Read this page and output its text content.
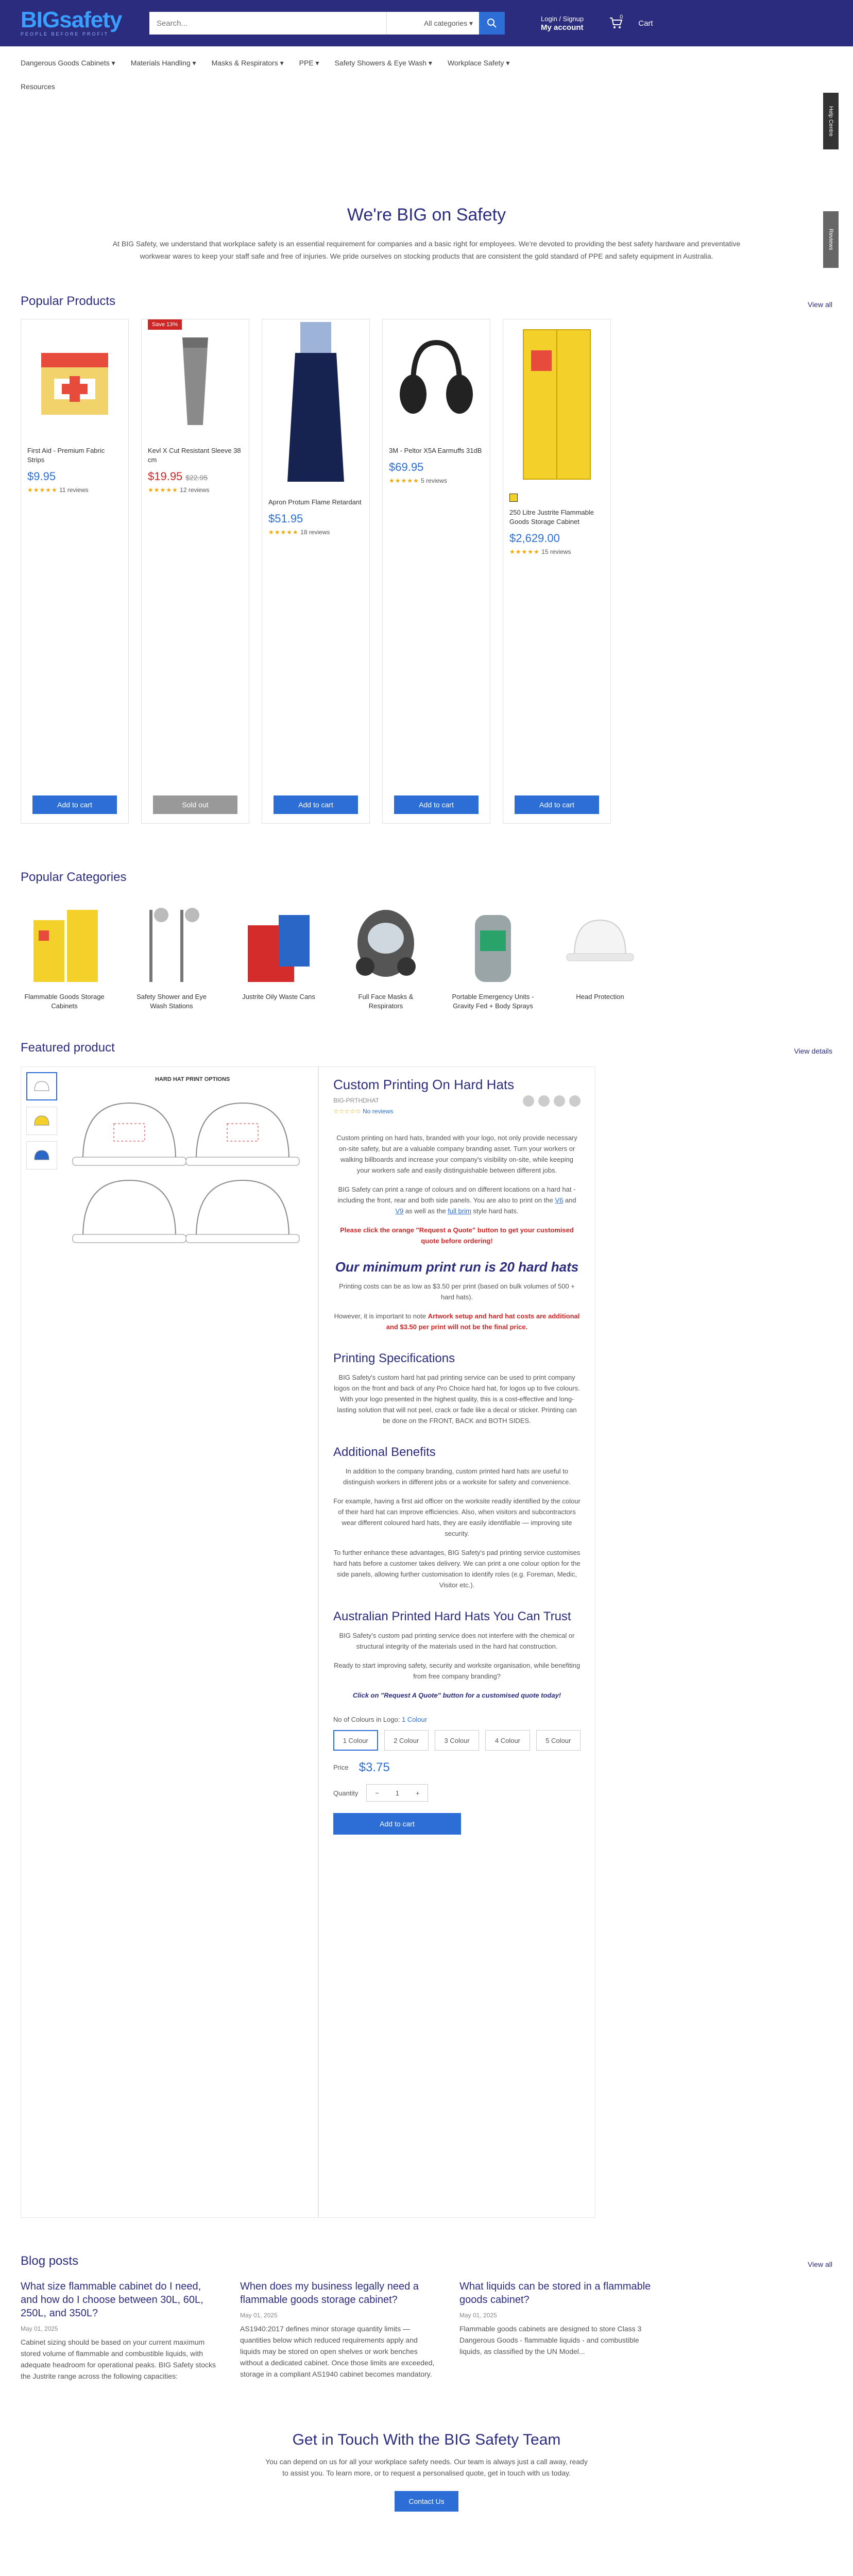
BIGsafety
PEOPLE BEFORE PROFIT
Search...
All categories ▾	Login / Signup
My account
0
Cart
Dangerous Goods Cabinets ▾ Materials Handling ▾ Masks & Respirators ▾ PPE ▾ Safety Showers & Eye Wash ▾ Workplace Safety ▾
Resources
Help Centre
Reviews
We're BIG on Safety

At BIG Safety, we understand that workplace safety is an essential requirement for companies and a basic right for employees. We're devoted to providing the best safety hardware and preventative workwear wares to keep your staff safe and free of injuries. We pride ourselves on stocking products that are consistent the gold standard of PPE and safety equipment in Australia.

Popular Products	View all
First Aid - Premium Fabric Strips
$9.95
★★★★★ 11 reviews
Add to cart
Save 13%
Kevl X Cut Resistant Sleeve 38 cm
$19.95 $22.95
★★★★★ 12 reviews
Sold out
Apron Protum Flame Retardant
$51.95
★★★★★ 18 reviews
Add to cart
3M - Peltor X5A Earmuffs 31dB
$69.95
★★★★★ 5 reviews
Add to cart
250 Litre Justrite Flammable Goods Storage Cabinet
$2,629.00
★★★★★ 15 reviews
Add to cart
Popular Categories
Flammable Goods Storage Cabinets
Safety Shower and Eye Wash Stations
Justrite Oily Waste Cans	Full Face Masks & Respirators
Portable Emergency Units - Gravity Fed + Body Sprays
Head Protection
Featured product	View details
HARD HAT PRINT OPTIONS	Custom Printing On Hard Hats
BIG-PRTHDHAT
☆☆☆☆☆ No reviews

Custom printing on hard hats, branded with your logo, not only provide necessary on-site safety, but are a valuable company branding asset. Turn your workers or walking billboards and increase your company's visibility on-site, while keeping your workers safe and easily distinguishable between different jobs.

BIG Safety can print a range of colours and on different locations on a hard hat - including the front, rear and both side panels. You are also to print on the V6 and V9 as well as the full brim style hard hats.

Please click the orange "Request a Quote" button to get your customised quote before ordering!

Our minimum print run is 20 hard hats

Printing costs can be as low as $3.50 per print (based on bulk volumes of 500 + hard hats).

However, it is important to note Artwork setup and hard hat costs are additional and $3.50 per print will not be the final price.

Printing Specifications

BIG Safety's custom hard hat pad printing service can be used to print company logos on the front and back of any Pro Choice hard hat, for logos up to five colours. With your logo presented in the highest quality, this is a cost-effective and long-lasting solution that will not peel, crack or fade like a decal or sticker. Printing can be done on the FRONT, BACK and BOTH SIDES.

Additional Benefits

In addition to the company branding, custom printed hard hats are useful to distinguish workers in different jobs or a worksite for safety and convenience.

For example, having a first aid officer on the worksite readily identified by the colour of their hard hat can improve efficiencies. Also, when visitors and subcontractors wear different coloured hard hats, they are easily identifiable — improving site security.

To further enhance these advantages, BIG Safety's pad printing service customises hard hats before a customer takes delivery. We can print a one colour option for the side panels, allowing further customisation to identify roles (e.g. Foreman, Medic, Visitor etc.).

Australian Printed Hard Hats You Can Trust

BIG Safety's custom pad printing service does not interfere with the chemical or structural integrity of the materials used in the hard hat construction.

Ready to start improving safety, security and worksite organisation, while benefiting from free company branding?

Click on "Request A Quote" button for a customised quote today!

No of Colours in Logo: 1 Colour
1 Colour	2 Colour	3 Colour	4 Colour	5 Colour
Price $3.75
Quantity	− 1 +
Add to cart
Blog posts	View all
What size flammable cabinet do I need, and how do I choose between 30L, 60L, 250L, and 350L?
May 01, 2025

Cabinet sizing should be based on your current maximum stored volume of flammable and combustible liquids, with adequate headroom for operational peaks. BIG Safety stocks the Justrite range across the following capacities:

When does my business legally need a flammable goods storage cabinet?
May 01, 2025

AS1940:2017 defines minor storage quantity limits — quantities below which reduced requirements apply and liquids may be stored on open shelves or work benches without a dedicated cabinet. Once those limits are exceeded, storage in a compliant AS1940 cabinet becomes mandatory.

What liquids can be stored in a flammable goods cabinet?
May 01, 2025

Flammable goods cabinets are designed to store Class 3 Dangerous Goods - flammable liquids - and combustible liquids, as classified by the UN Model...

Get in Touch With the BIG Safety Team

You can depend on us for all your workplace safety needs. Our team is always just a call away, ready
to assist you. To learn more, or to request a personalised quote, get in touch with us today.

Contact Us
